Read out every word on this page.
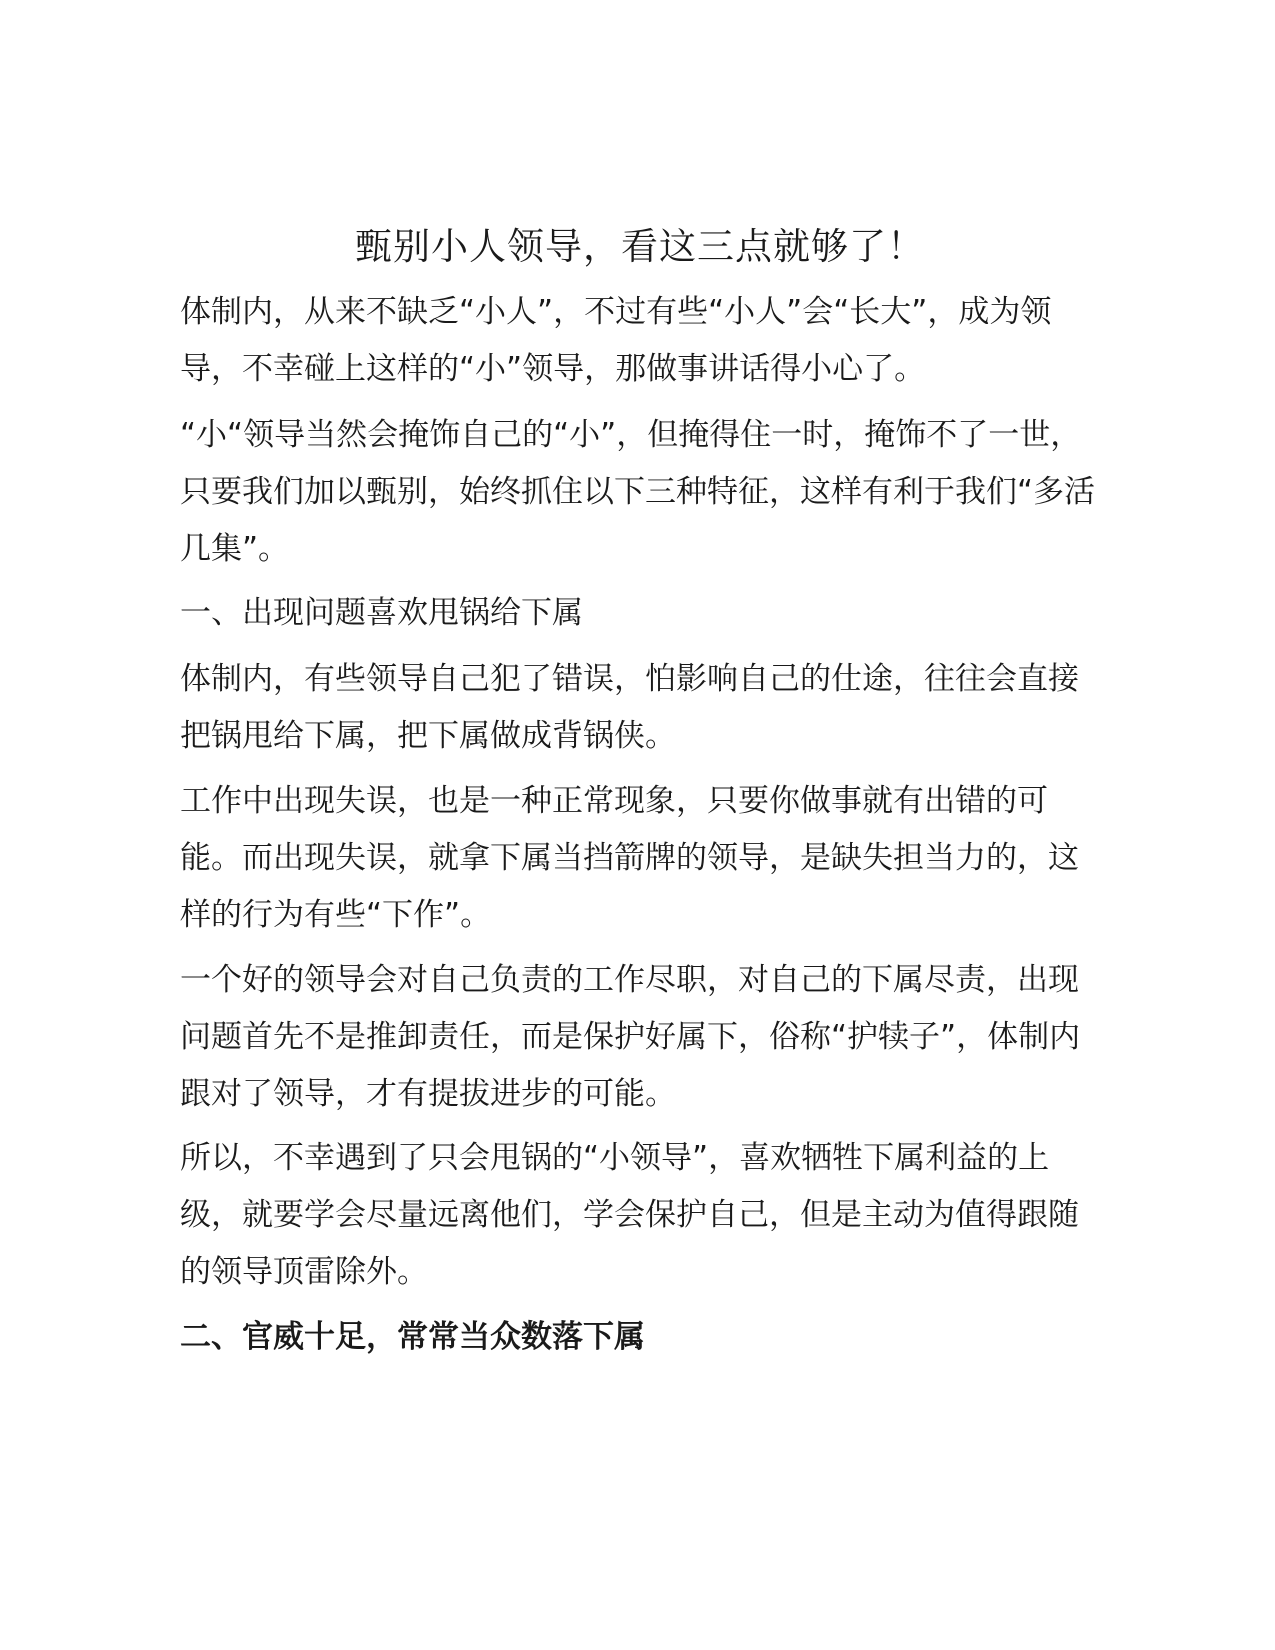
甄别小人领导，看这三点就够了！

体制内，从来不缺乏“小人”，不过有些“小人”会“长大”，成为领导，不幸碰上这样的“小”领导，那做事讲话得小心了。

“小“领导当然会掩饰自己的“小”，但掩得住一时，掩饰不了一世，只要我们加以甄别，始终抓住以下三种特征，这样有利于我们“多活几集”。

一、出现问题喜欢甩锅给下属

体制内，有些领导自己犯了错误，怕影响自己的仕途，往往会直接把锅甩给下属，把下属做成背锅侠。

工作中出现失误，也是一种正常现象，只要你做事就有出错的可能。而出现失误，就拿下属当挡箭牌的领导，是缺失担当力的，这样的行为有些“下作”。

一个好的领导会对自己负责的工作尽职，对自己的下属尽责，出现问题首先不是推卸责任，而是保护好属下，俗称“护犊子”，体制内跟对了领导，才有提拔进步的可能。

所以，不幸遇到了只会甩锅的“小领导”，喜欢牺牲下属利益的上级，就要学会尽量远离他们，学会保护自己，但是主动为值得跟随的领导顶雷除外。

二、官威十足，常常当众数落下属
